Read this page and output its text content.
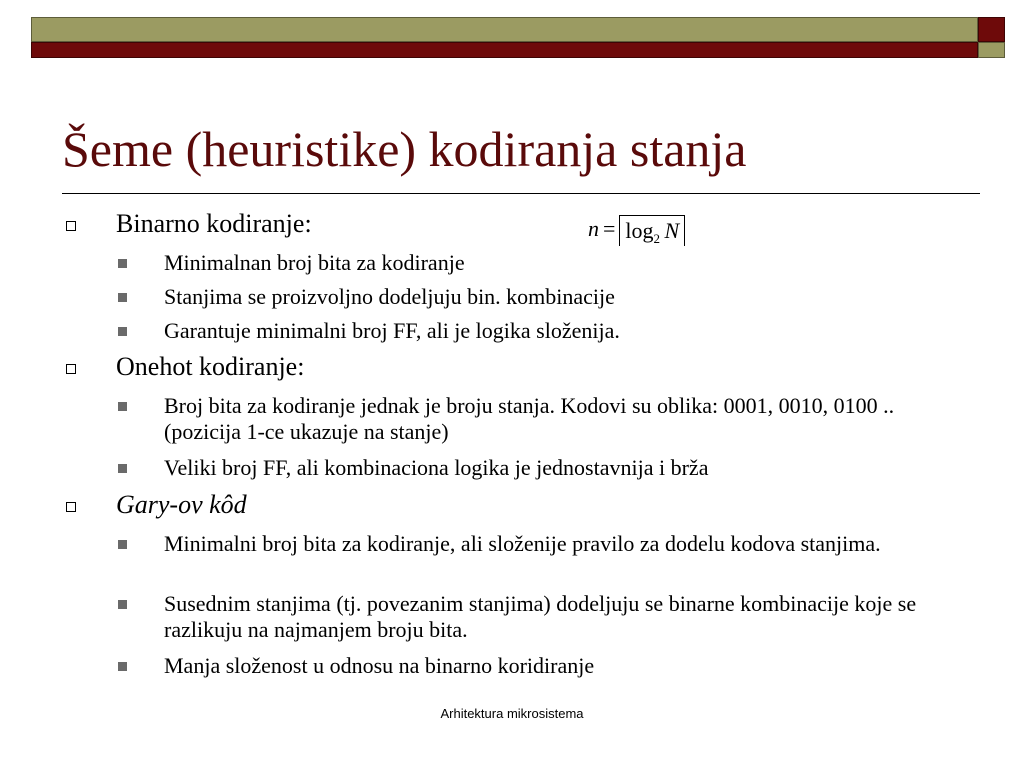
Šeme (heuristike) kodiranja stanja
$n = \log_2 N$
Binarno kodiranje:
Minimalnan broj bita za kodiranje
Stanjima se proizvoljno dodeljuju bin. kombinacije
Garantuje minimalni broj FF, ali je logika složenija.
Onehot kodiranje:
Broj bita za kodiranje jednak je broju stanja. Kodovi su oblika: 0001, 0010, 0100 ..(pozicija 1-ce ukazuje na stanje)
Veliki broj FF, ali kombinaciona logika je jednostavnija i brža
Gary-ov kôd
Minimalni broj bita za kodiranje, ali složenije pravilo za dodelu kodova stanjima.
Susednim stanjima (tj. povezanim stanjima) dodeljuju se binarne kombinacije koje se razlikuju na najmanjem broju bita.
Manja složenost u odnosu na binarno koridiranje
Arhitektura mikrosistema
